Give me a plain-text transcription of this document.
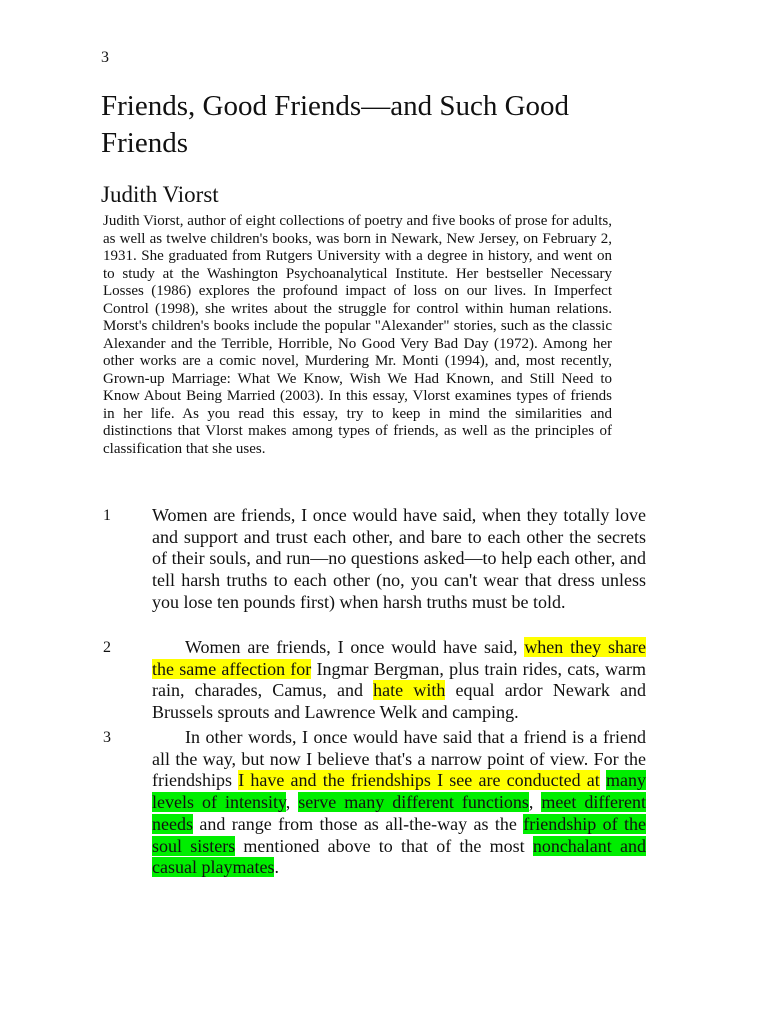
3
Friends, Good Friends—and Such Good Friends
Judith Viorst

Judith Viorst, author of eight collections of poetry and five books of prose for adults, as well as twelve children's books, was born in Newark, New Jersey, on February 2, 1931. She graduated from Rutgers University with a degree in history, and went on to study at the Washington Psychoanalytical Institute. Her bestseller Necessary Losses (1986) explores the profound impact of loss on our lives. In Imperfect Control (1998), she writes about the struggle for control within human relations. Morst's children's books include the popular "Alexander" stories, such as the classic Alexander and the Terrible, Horrible, No Good Very Bad Day (1972). Among her other works are a comic novel, Murdering Mr. Monti (1994), and, most recently, Grown-up Marriage: What We Know, Wish We Had Known, and Still Need to Know About Being Married (2003). In this essay, Vlorst examines types of friends in her life. As you read this essay, try to keep in mind the similarities and distinctions that Vlorst makes among types of friends, as well as the principles of classification that she uses.

1 Women are friends, I once would have said, when they totally love and support and trust each other, and bare to each other the secrets of their souls, and run—no questions asked—to help each other, and tell harsh truths to each other (no, you can't wear that dress unless you lose ten pounds first) when harsh truths must be told.

2	Women are friends, I once would have said, when they share the same affection for Ingmar Bergman, plus train rides, cats, warm rain, charades, Camus, and hate with equal ardor Newark and Brussels sprouts and Lawrence Welk and camping.

3	In other words, I once would have said that a friend is a friend all the way, but now I believe that's a narrow point of view. For the friendships I have and the friendships I see are conducted at many levels of intensity, serve many different functions, meet different needs and range from those as all-the-way as the friendship of the soul sisters mentioned above to that of the most nonchalant and casual playmates.
